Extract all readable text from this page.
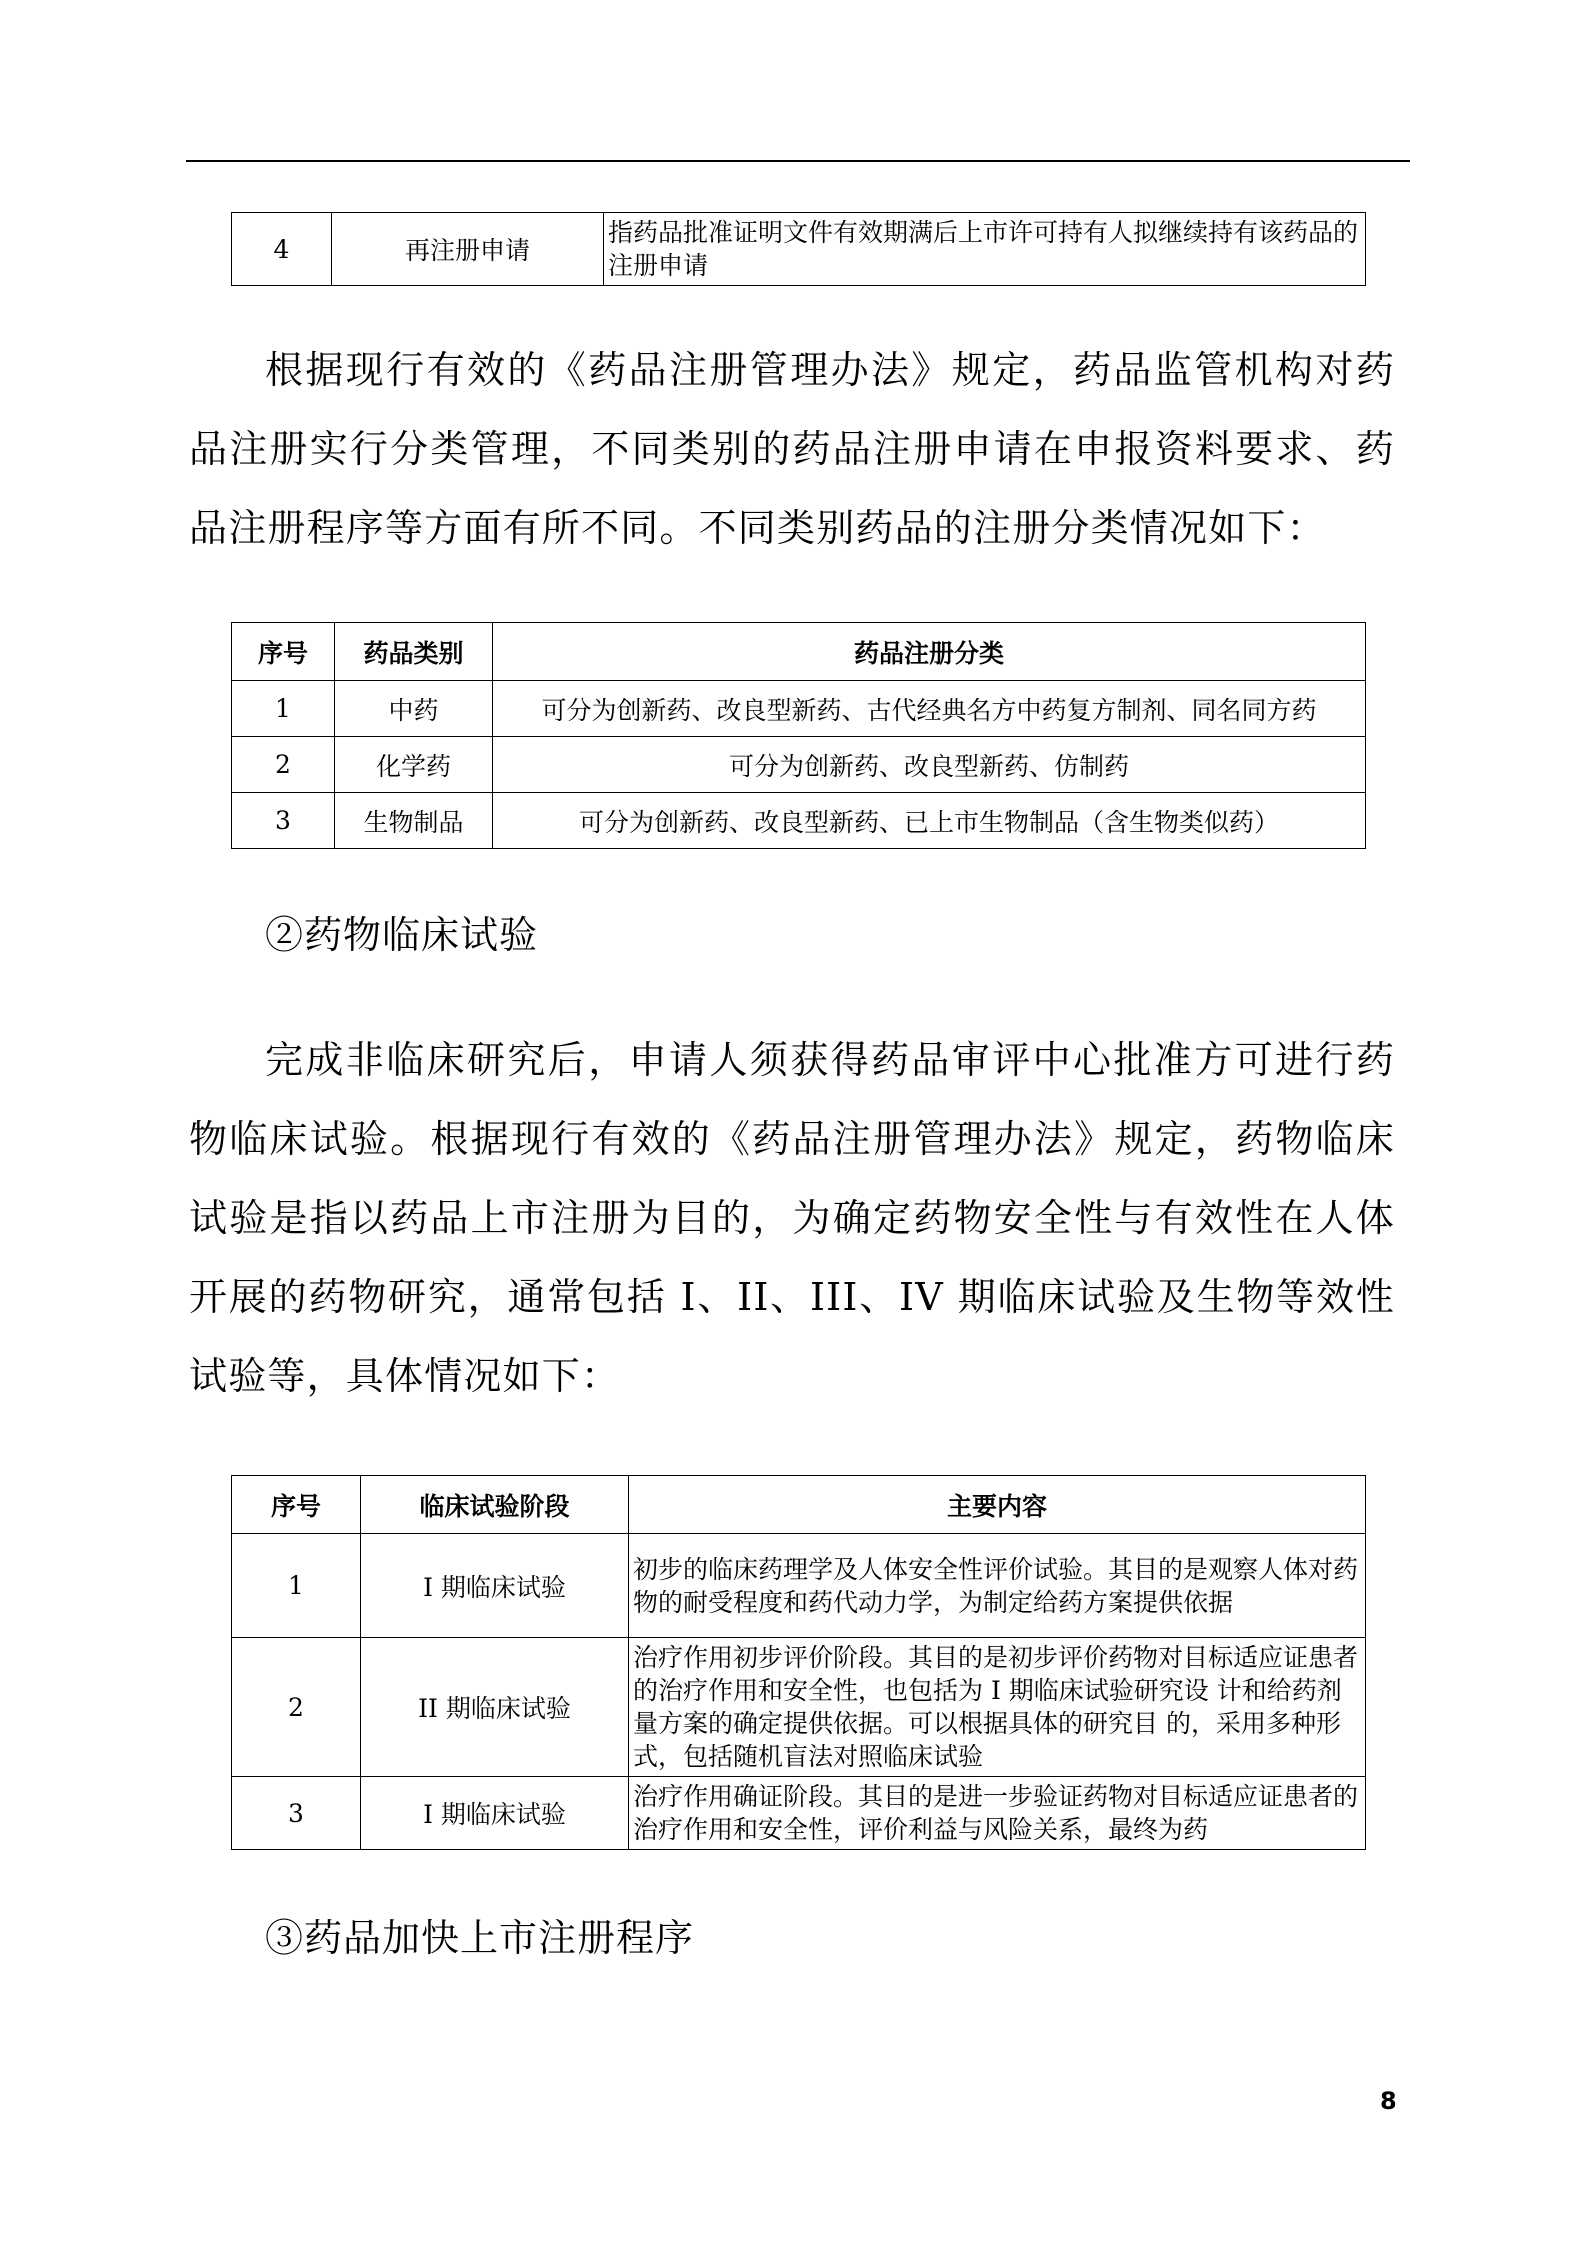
4	再注册申请	指药品批准证明文件有效期满后上市许可持有人拟继续持有该药品的注册申请

根据现行有效的《药品注册管理办法》规定，药品监管机构对药品注册实行分类管理，不同类别的药品注册申请在申报资料要求、药品注册程序等方面有所不同。不同类别药品的注册分类情况如下：

序号	药品类别	药品注册分类
1	中药	可分为创新药、改良型新药、古代经典名方中药复方制剂、同名同方药
2	化学药	可分为创新药、改良型新药、仿制药
3	生物制品	可分为创新药、改良型新药、已上市生物制品（含生物类似药）

②药物临床试验

完成非临床研究后，申请人须获得药品审评中心批准方可进行药物临床试验。根据现行有效的《药品注册管理办法》规定，药物临床试验是指以药品上市注册为目的，为确定药物安全性与有效性在人体开展的药物研究，通常包括 I、II、III、IV 期临床试验及生物等效性试验等，具体情况如下：

序号	临床试验阶段	主要内容
1	I 期临床试验	初步的临床药理学及人体安全性评价试验。其目的是观察人体对药物的耐受程度和药代动力学，为制定给药方案提供依据
2	II 期临床试验	治疗作用初步评价阶段。其目的是初步评价药物对目标适应证患者的治疗作用和安全性，也包括为 I 期临床试验研究设 计和给药剂量方案的确定提供依据。可以根据具体的研究目 的，采用多种形式，包括随机盲法对照临床试验
3	I 期临床试验	治疗作用确证阶段。其目的是进一步验证药物对目标适应证患者的治疗作用和安全性，评价利益与风险关系，最终为药

③药品加快上市注册程序

8
